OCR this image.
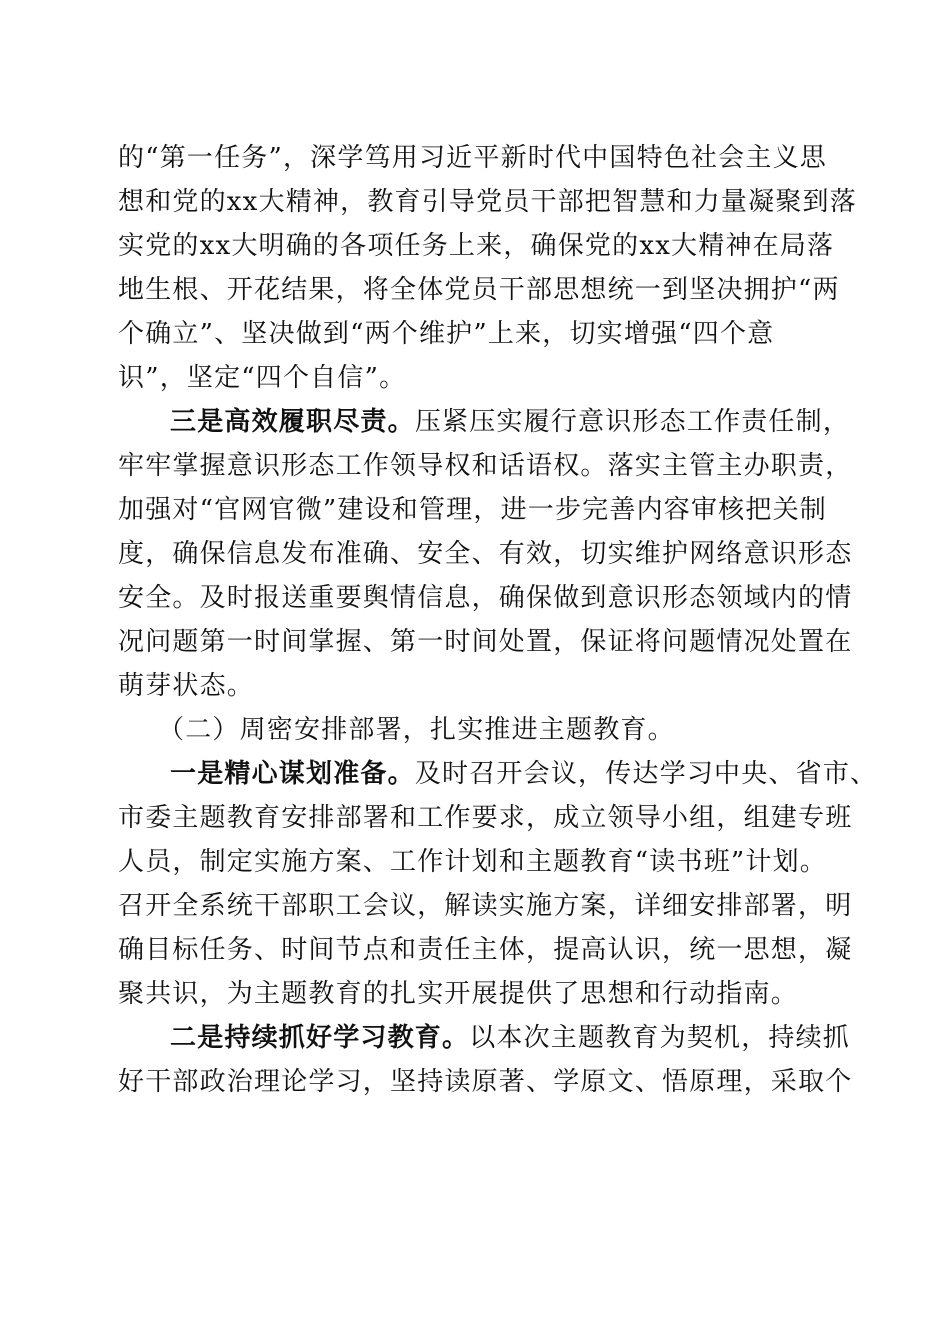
的“第一任务”，深学笃用习近平新时代中国特色社会主义思
想和党的xx大精神，教育引导党员干部把智慧和力量凝聚到落
实党的xx大明确的各项任务上来，确保党的xx大精神在局落
地生根、开花结果，将全体党员干部思想统一到坚决拥护“两
个确立”、坚决做到“两个维护”上来，切实增强“四个意
识”，坚定“四个自信”。
三是高效履职尽责。压紧压实履行意识形态工作责任制，
牢牢掌握意识形态工作领导权和话语权。落实主管主办职责，
加强对“官网官微”建设和管理，进一步完善内容审核把关制
度，确保信息发布准确、安全、有效，切实维护网络意识形态
安全。及时报送重要舆情信息，确保做到意识形态领域内的情
况问题第一时间掌握、第一时间处置，保证将问题情况处置在
萌芽状态。
（二）周密安排部署，扎实推进主题教育。
一是精心谋划准备。及时召开会议，传达学习中央、省市、
市委主题教育安排部署和工作要求，成立领导小组，组建专班
人员，制定实施方案、工作计划和主题教育“读书班”计划。
召开全系统干部职工会议，解读实施方案，详细安排部署，明
确目标任务、时间节点和责任主体，提高认识，统一思想，凝
聚共识，为主题教育的扎实开展提供了思想和行动指南。
二是持续抓好学习教育。以本次主题教育为契机，持续抓
好干部政治理论学习，坚持读原著、学原文、悟原理，采取个
